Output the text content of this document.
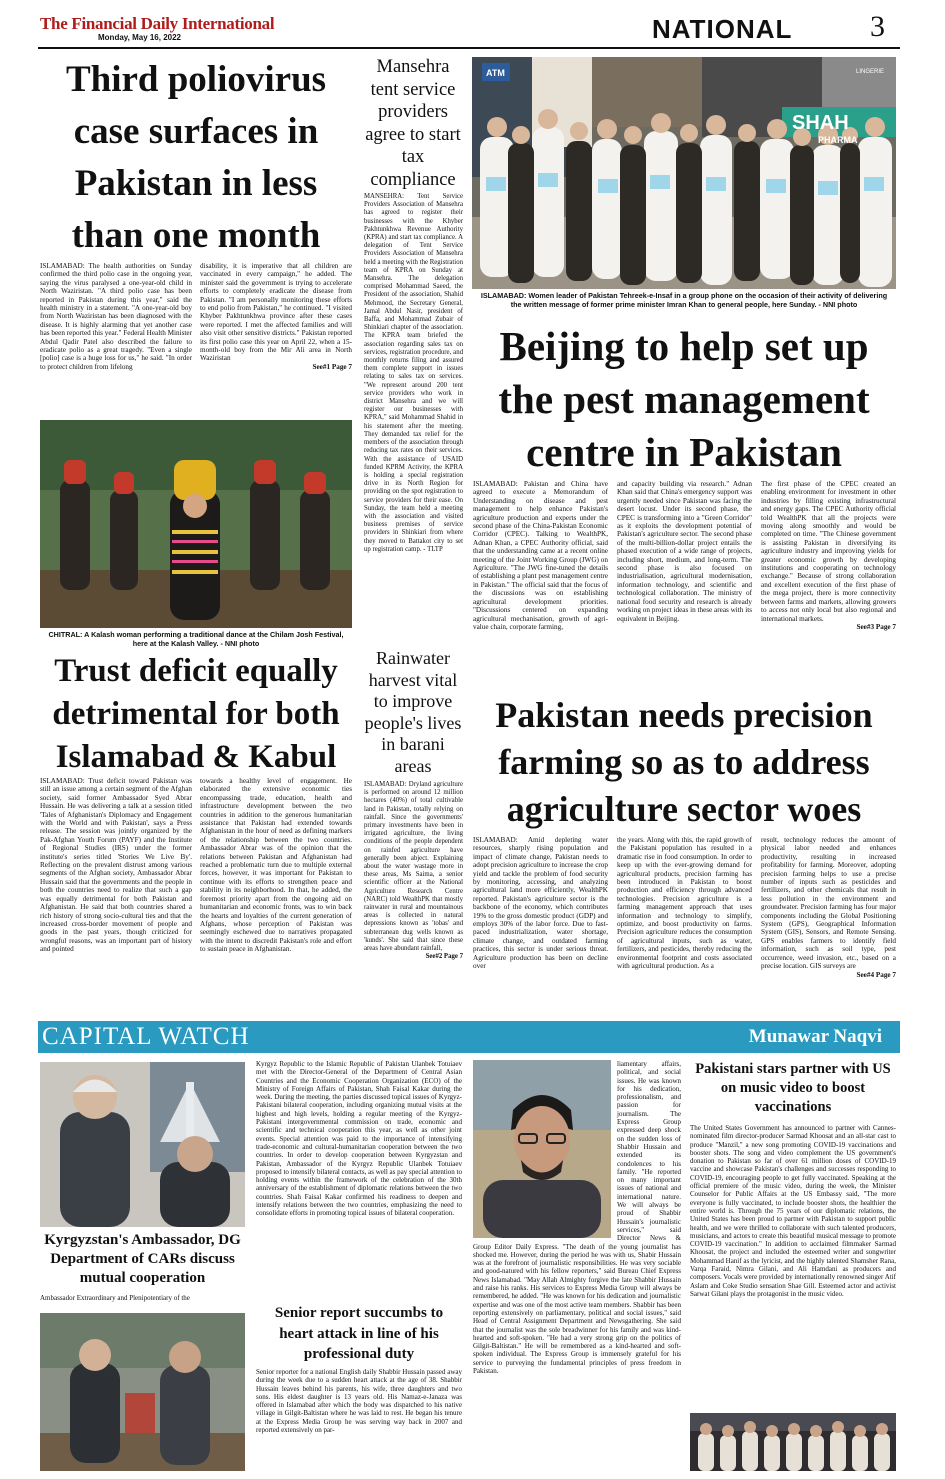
The Financial Daily International
Monday, May 16, 2022	NATIONAL	3
Third poliovirus case surfaces in Pakistan in less than one month
ISLAMABAD: The health authorities on Sunday confirmed the third polio case in the ongoing year, saying the virus paralysed a one-year-old child in North Waziristan. "A third polio case has been reported in Pakistan during this year," said the health ministry in a statement. "A one-year-old boy from North Waziristan has been diagnosed with the disease. It is highly alarming that yet another case has been reported this year." Federal Health Minister Abdul Qadir Patel also described the failure to eradicate polio as a great tragedy. "Even a single [polio] case is a huge loss for us," he said. "In order to protect children from lifelong
disability, it is imperative that all children are vaccinated in every campaign," he added. The minister said the government is trying to accelerate efforts to completely eradicate the disease from Pakistan. "I am personally monitoring these efforts to end polio from Pakistan," he continued. "I visited Khyber Pakhtunkhwa province after these cases were reported. I met the affected families and will also visit other sensitive districts." Pakistan reported its first polio case this year on April 22, when a 15-month-old boy from the Mir Ali area in North Waziristan
See#1 Page 7
Mansehra tent service providers agree to start tax compliance
MANSEHRA: Tent Service Providers Association of Mansehra has agreed to register their businesses with the Khyber Pakhtunkhwa Revenue Authority (KPRA) and start tax compliance. A delegation of Tent Service Providers Association of Mansehra held a meeting with the Registration team of KPRA on Sunday at Mansehra. The delegation comprised Mohammad Saeed, the President of the association, Shahid Mehmood, the Secretary General, Jamal Abdul Nasir, president of Baffa, and Mohammad Zubair of Shinkiari chapter of the association. The KPRA team briefed the association regarding sales tax on services, registration procedure, and monthly returns filing and assured them complete support in issues relating to sales tax on services. "We represent around 200 tent service providers who work in district Mansehra and we will register our businesses with KPRA," said Mohammad Shahid in his statement after the meeting. They demanded tax relief for the members of the association through reducing tax rates on their services. With the assistance of USAID funded KPRM Activity, the KPRA is holding a special registration drive in its North Region for providing on the spot registration to service providers for their ease. On Sunday, the team held a meeting with the association and visited business premises of service providers in Shinkiari from where they moved to Battakot city to set up registration camp. - TLTP
ATM
SHAH
PHARMA
LINGERIE
ISLAMABAD: Women leader of Pakistan Tehreek-e-Insaf in a group phone on the occasion of their activity of delivering the written message of former prime minister Imran Khan to general people, here Sunday. - NNI photo
Beijing to help set up the pest management centre in Pakistan
ISLAMABAD: Pakistan and China have agreed to execute a Memorandum of Understanding on disease and pest management to help enhance Pakistan's agriculture production and experts under the second phase of the China-Pakistan Economic Corridor (CPEC). Talking to WealthPK, Adnan Khan, a CPEC Authority official, said that the understanding came at a recent online meeting of the Joint Working Group (JWG) on Agriculture. "The JWG fine-tuned the details of establishing a plant pest management centre in Pakistan." The official said that the focus of the discussions was on establishing agricultural development priorities. "Discussions centered on expanding agricultural mechanisation, growth of agri-value chain, corporate farming,
and capacity building via research." Adnan Khan said that China's emergency support was urgently needed since Pakistan was facing the desert locust. Under its second phase, the CPEC is transforming into a "Green Corridor" as it exploits the development potential of Pakistan's agriculture sector. The second phase of the multi-billion-dollar project entails the phased execution of a wide range of projects, including short, medium, and long-term. The second phase is also focused on industrialisation, agricultural modernisation, information technology, and scientific and technological collaboration. The ministry of national food security and research is already working on project ideas in these areas with its equivalent in Beijing.
The first phase of the CPEC created an enabling environment for investment in other industries by filling existing infrastructural and energy gaps. The CPEC Authority official told WealthPK that all the projects were moving along smoothly and would be completed on time. "The Chinese government is assisting Pakistan in diversifying its agriculture industry and improving yields for greater economic growth by developing institutions and cooperating on technology exchange." Because of strong collaboration and excellent execution of the first phase of the mega project, there is more connectivity between farms and markets, allowing growers to access not only local but also regional and international markets.
See#3 Page 7
CHITRAL: A Kalash woman performing a traditional dance at the Chilam Josh Festival, here at the Kalash Valley. - NNI photo
Trust deficit equally detrimental for both Islamabad & Kabul
ISLAMABAD: Trust deficit toward Pakistan was still an issue among a certain segment of the Afghan society, said former Ambassador Syed Abrar Hussain. He was delivering a talk at a session titled 'Tales of Afghanistan's Diplomacy and Engagement with the World and with Pakistan', says a Press release. The session was jointly organized by the Pak-Afghan Youth Forum (PAYF) and the Institute of Regional Studies (IRS) under the former institute's series titled 'Stories We Live By'. Reflecting on the prevalent distrust among various segments of the Afghan society, Ambassador Abrar Hussain said that the governments and the people in both the countries need to realize that such a gap was equally detrimental for both Pakistan and Afghanistan. He said that both countries shared a rich history of strong socio-cultural ties and that the increased cross-border movement of people and goods in the past years, though criticized for wrongful reasons, was an important part of history and pointed
towards a healthy level of engagement. He elaborated the extensive economic ties encompassing trade, education, health and infrastructure development between the two countries in addition to the generous humanitarian assistance that Pakistan had extended towards Afghanistan in the hour of need as defining markers of the relationship between the two countries. Ambassador Abrar was of the opinion that the relations between Pakistan and Afghanistan had reached a problematic turn due to multiple external forces, however, it was important for Pakistan to continue with its efforts to strengthen peace and stability in its neighborhood. In that, he added, the foremost priority apart from the ongoing aid on humanitarian and economic fronts, was to win back the hearts and loyalties of the current generation of Afghans, whose perception of Pakistan was seemingly eschewed due to narratives propagated with the intent to discredit Pakistan's role and effort to sustain peace in Afghanistan.
Rainwater harvest vital to improve people's lives in barani areas
ISLAMABAD: Dryland agriculture is performed on around 12 million hectares (40%) of total cultivable land in Pakistan, totally relying on rainfall. Since the governments' primary investments have been in irrigated agriculture, the living conditions of the people dependent on rainfed agriculture have generally been abject. Explaining about the water wastage more in these areas, Ms Saima, a senior scientific officer at the National Agriculture Research Centre (NARC) told WealthPK that mostly rainwater in rural and mountainous areas is collected in natural depressions known as 'tobas' and subterranean dug wells known as 'kunds'. She said that since these areas have abundant rainfall,
See#2 Page 7
Pakistan needs precision farming so as to address agriculture sector woes
ISLAMABAD: Amid depleting water resources, sharply rising population and impact of climate change, Pakistan needs to adopt precision agriculture to increase the crop yield and tackle the problem of food security by monitoring, accessing, and analyzing agricultural land more efficiently, WealthPK reported. Pakistan's agriculture sector is the backbone of the economy, which contributes 19% to the gross domestic product (GDP) and employs 30% of the labor force. Due to fast-paced industrialization, water shortage, climate change, and outdated farming practices, this sector is under serious threat. Agriculture production has been on decline over
the years. Along with this, the rapid growth of the Pakistani population has resulted in a dramatic rise in food consumption. In order to keep up with the ever-growing demand for agricultural products, precision farming has been introduced in Pakistan to boost production and efficiency through advanced technologies. Precision agriculture is a farming management approach that uses information and technology to simplify, optimize, and boost productivity on farms. Precision agriculture reduces the consumption of agricultural inputs, such as water, fertilizers, and pesticides, thereby reducing the environmental footprint and costs associated with agricultural production. As a
result, technology reduces the amount of physical labor needed and enhances productivity, resulting in increased profitability for farming. Moreover, adopting precision farming helps to use a precise number of inputs such as pesticides and fertilizers, and other chemicals that result in less pollution in the environment and groundwater. Precision farming has four major components including the Global Positioning System (GPS), Geographical Information System (GIS), Sensors, and Remote Sensing. GPS enables farmers to identify field information, such as soil type, pest occurrence, weed invasion, etc., based on a precise location. GIS surveys are
See#4 Page 7
CAPITAL WATCH	Munawar Naqvi
Kyrgyzstan's Ambassador, DG Department of CARs discuss mutual cooperation
Ambassador Extraordinary and Plenipotentiary of the
Kyrgyz Republic to the Islamic Republic of Pakistan Ulanbek Totuiaev met with the Director-General of the Department of Central Asian Countries and the Economic Cooperation Organization (ECO) of the Ministry of Foreign Affairs of Pakistan, Shah Faisal Kakar during the week. During the meeting, the parties discussed topical issues of Kyrgyz-Pakistani bilateral cooperation, including organizing mutual visits at the highest and high levels, holding a regular meeting of the Kyrgyz-Pakistani intergovernmental commission on trade, economic and scientific and technical cooperation this year, as well as other joint events. Special attention was paid to the importance of intensifying trade-economic and cultural-humanitarian cooperation between the two countries. In order to develop cooperation between Kyrgyzstan and Pakistan, Ambassador of the Kyrgyz Republic Ulanbek Totuiaev proposed to intensify bilateral contacts, as well as pay special attention to holding events within the framework of the celebration of the 30th anniversary of the establishment of diplomatic relations between the two countries. Shah Faisal Kakar confirmed his readiness to deepen and intensify relations between the two countries, emphasizing the need to consolidate efforts in promoting topical issues of bilateral cooperation.
liamentary affairs, political, and social issues. He was known for his dedication, professionalism, and passion for journalism. The Express Group expressed deep shock on the sudden loss of Shabbir Hussain and extended its condolences to his family. "He reported on many important issues of national and international nature. We will always be proud of Shabbir Hussain's journalistic services," said Director News & Group Editor Daily Express. "The death of the young journalist has shocked me. However, during the period he was with us, Shabir Hussain was at the forefront of journalistic responsibilities. He was very sociable and good-natured with his fellow reporters," said Bureau Chief Express News Islamabad. "May Allah Almighty forgive the late Shabbir Hussain and raise his ranks. His services to Express Media Group will always be remembered, he added. "He was known for his dedication and journalistic expertise and was one of the most active team members. Shabbir has been reporting extensively on parliamentary, political and social issues," said Head of Central Assignment Department and Newsgathering. She said that the journalist was the sole breadwinner for his family and was kind-hearted and soft-spoken. "He had a very strong grip on the politics of Gilgit-Baltistan." He will be remembered as a kind-hearted and soft-spoken individual. The Express Group is immensely grateful for his service to purveying the fundamental principles of press freedom in Pakistan.
Senior report succumbs to heart attack in line of his professional duty
Senior reporter for a national English daily Shabbir Hussain passed away during the week due to a sudden heart attack at the age of 38. Shabbir Hussain leaves behind his parents, his wife, three daughters and two sons. His eldest daughter is 13 years old. His Namaz-e-Janaza was offered in Islamabad after which the body was dispatched to his native village in Gilgit-Baltistan where he was laid to rest. He began his tenure at the Express Media Group he was serving way back in 2007 and reported extensively on par-
Pakistani stars partner with US on music video to boost vaccinations
The United States Government has announced to partner with Cannes-nominated film director-producer Sarmad Khoosat and an all-star cast to produce "Manzil," a new song promoting COVID-19 vaccinations and booster shots. The song and video complement the US government's donation to Pakistan so far of over 61 million doses of COVID-19 vaccine and showcase Pakistan's challenges and successes responding to COVID-19, encouraging people to get fully vaccinated. Speaking at the official premiere of the music video, during the week, the Minister Counselor for Public Affairs at the US Embassy said, "The more everyone is fully vaccinated, to include booster shots, the healthier the entire world is. Through the 75 years of our diplomatic relations, the United States has been proud to partner with Pakistan to support public health, and we were thrilled to collaborate with such talented producers, musicians, and actors to create this beautiful musical message to promote COVID-19 vaccination." In addition to acclaimed filmmaker Sarmad Khoosat, the project and included the esteemed writer and songwriter Mohammad Hanif as the lyricist, and the highly talented Shamsher Rana, Varqa Faraid, Nimra Gilani, and Ali Hamdani as producers and composers. Vocals were provided by internationally renowned singer Atif Aslam and Coke Studio sensation Shae Gill. Esteemed actor and activist Sarwat Gilani plays the protagonist in the music video.
